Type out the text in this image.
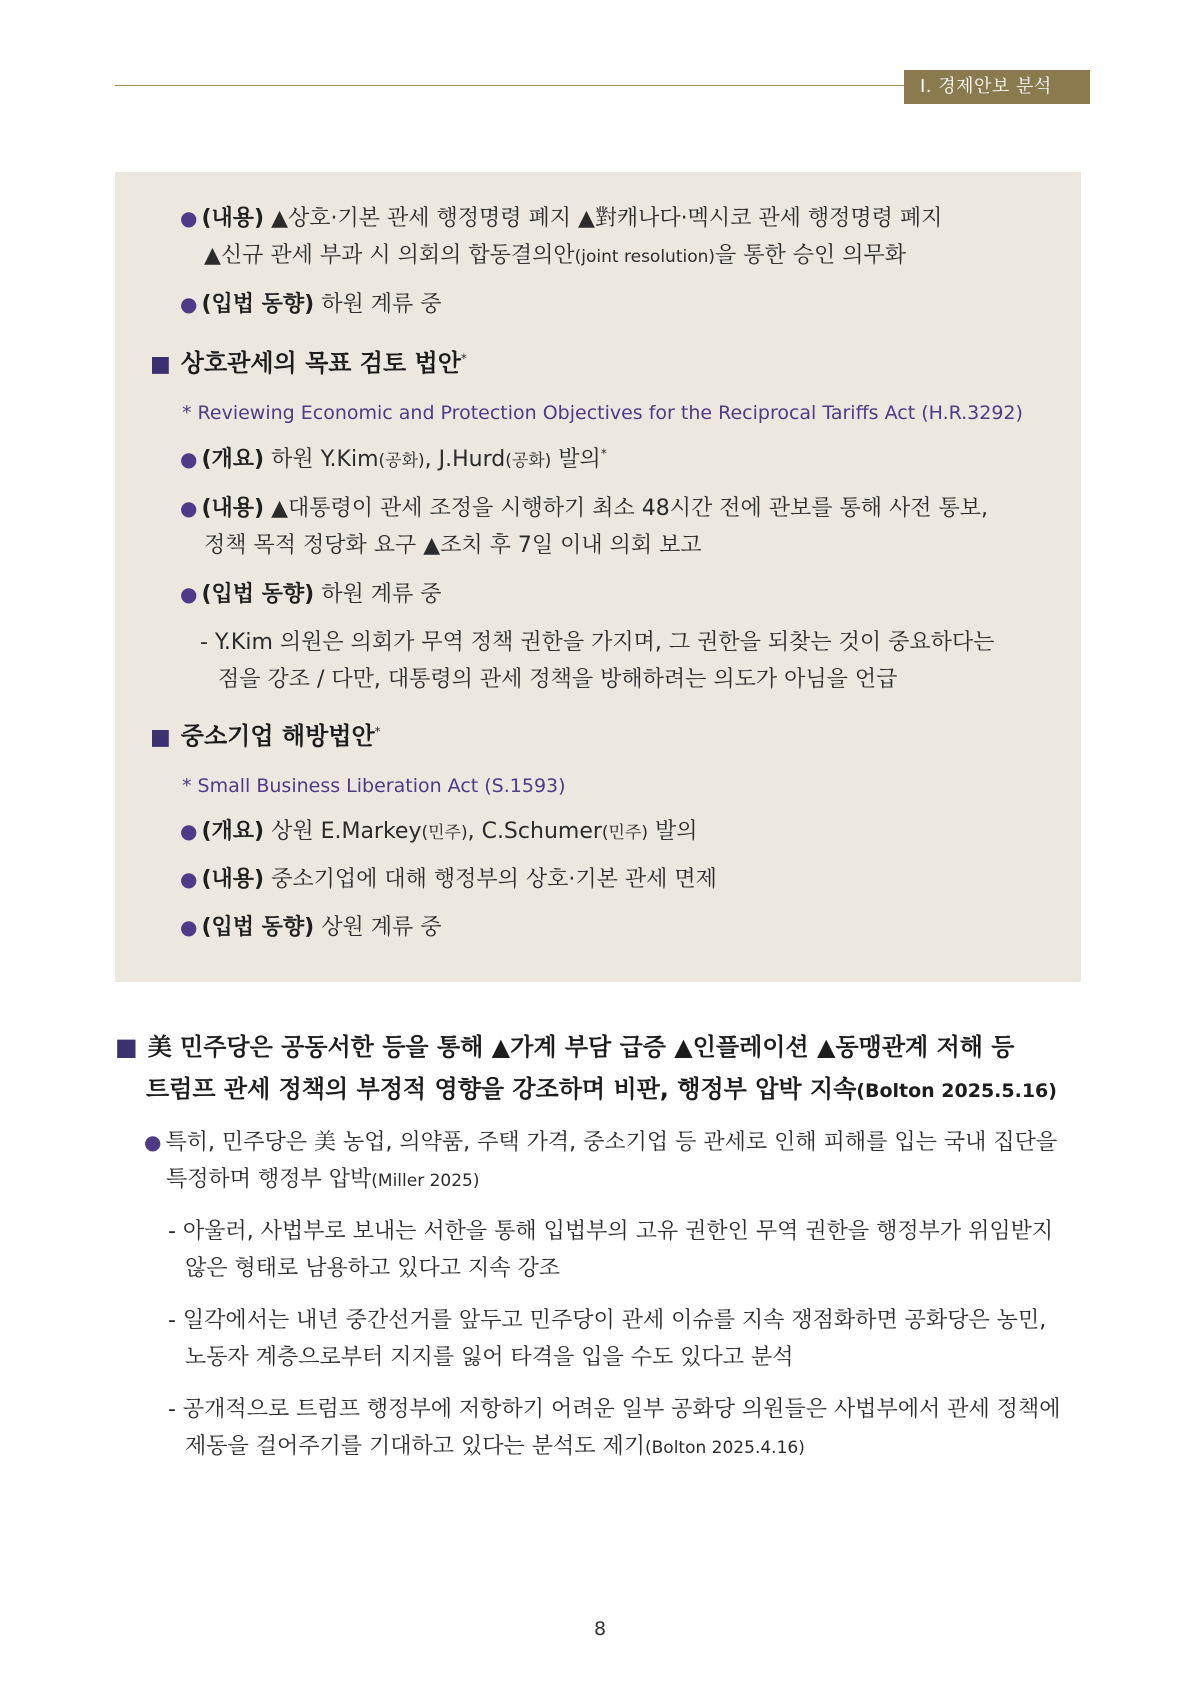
Ⅰ. 경제안보 분석
● (내용) ▲상호·기본 관세 행정명령 폐지 ▲對캐나다·멕시코 관세 행정명령 폐지
▲신규 관세 부과 시 의회의 합동결의안(joint resolution)을 통한 승인 의무화
● (입법 동향) 하원 계류 중
■ 상호관세의 목표 검토 법안*
* Reviewing Economic and Protection Objectives for the Reciprocal Tariffs Act (H.R.3292)
● (개요) 하원 Y.Kim(공화), J.Hurd(공화) 발의*
● (내용) ▲대통령이 관세 조정을 시행하기 최소 48시간 전에 관보를 통해 사전 통보,
정책 목적 정당화 요구 ▲조치 후 7일 이내 의회 보고
● (입법 동향) 하원 계류 중
- Y.Kim 의원은 의회가 무역 정책 권한을 가지며, 그 권한을 되찾는 것이 중요하다는
점을 강조 / 다만, 대통령의 관세 정책을 방해하려는 의도가 아님을 언급
■ 중소기업 해방법안*
* Small Business Liberation Act (S.1593)
● (개요) 상원 E.Markey(민주), C.Schumer(민주) 발의
● (내용) 중소기업에 대해 행정부의 상호·기본 관세 면제
● (입법 동향) 상원 계류 중
■ 美 민주당은 공동서한 등을 통해 ▲가계 부담 급증 ▲인플레이션 ▲동맹관계 저해 등
트럼프 관세 정책의 부정적 영향을 강조하며 비판, 행정부 압박 지속(Bolton 2025.5.16)
● 특히, 민주당은 美 농업, 의약품, 주택 가격, 중소기업 등 관세로 인해 피해를 입는 국내 집단을
특정하며 행정부 압박(Miller 2025)
- 아울러, 사법부로 보내는 서한을 통해 입법부의 고유 권한인 무역 권한을 행정부가 위임받지
않은 형태로 남용하고 있다고 지속 강조
- 일각에서는 내년 중간선거를 앞두고 민주당이 관세 이슈를 지속 쟁점화하면 공화당은 농민,
노동자 계층으로부터 지지를 잃어 타격을 입을 수도 있다고 분석
- 공개적으로 트럼프 행정부에 저항하기 어려운 일부 공화당 의원들은 사법부에서 관세 정책에
제동을 걸어주기를 기대하고 있다는 분석도 제기(Bolton 2025.4.16)
8
